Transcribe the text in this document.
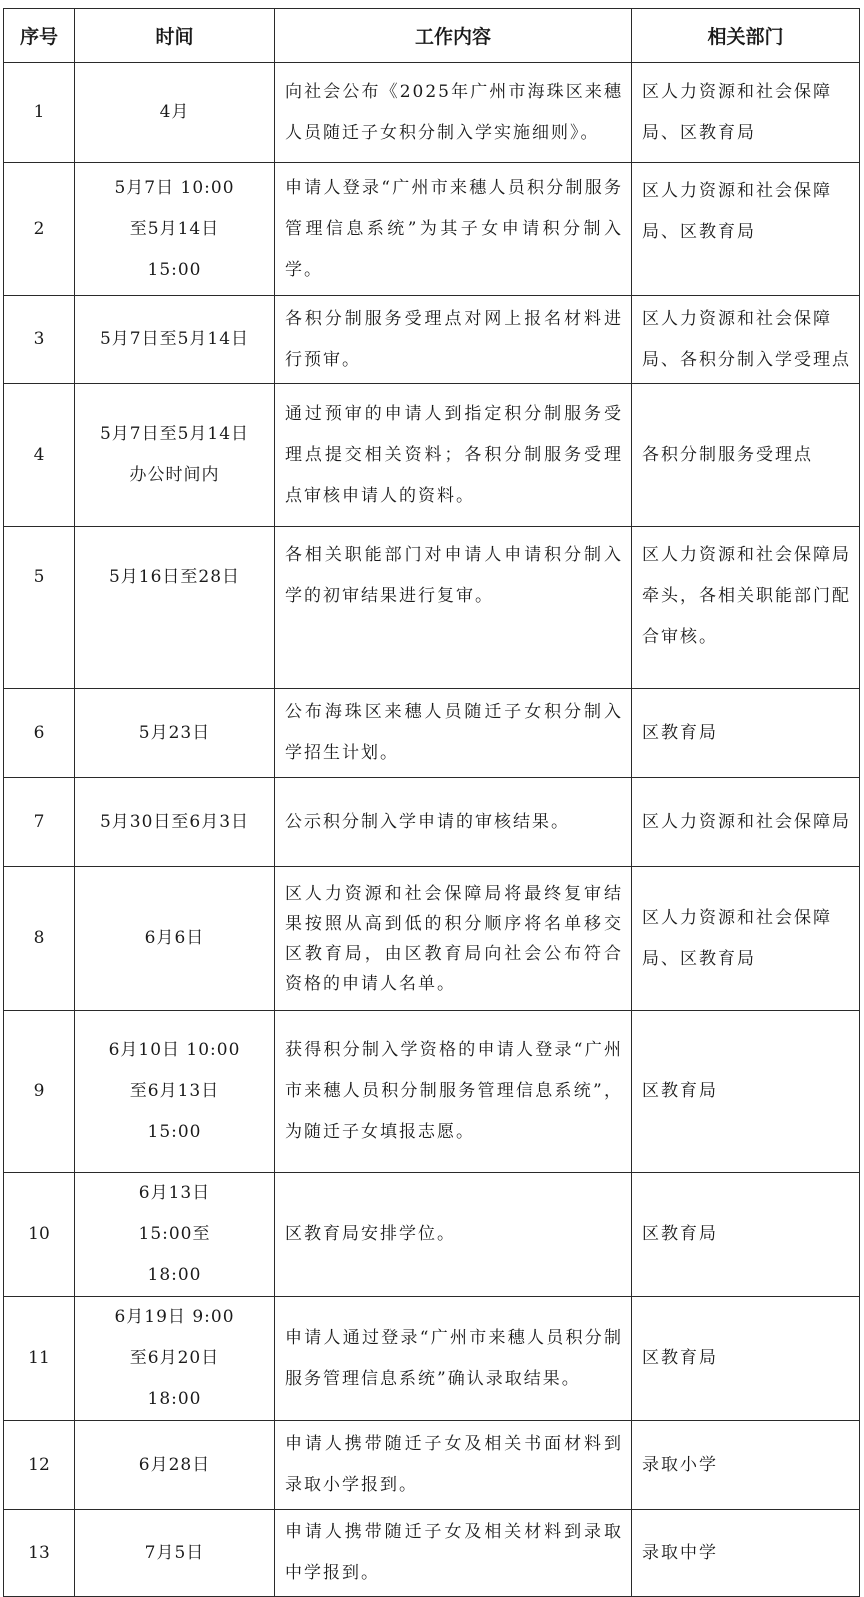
序号	时间	工作内容	相关部门
1	4月	向社会公布《2025年广州市海珠区来穗人员随迁子女积分制入学实施细则》。	区人力资源和社会保障局、区教育局
2	5月7日 10:00 至5月14日 15:00	申请人登录“广州市来穗人员积分制服务管理信息系统”为其子女申请积分制入学。	区人力资源和社会保障局、区教育局
3	5月7日至5月14日	各积分制服务受理点对网上报名材料进行预审。	区人力资源和社会保障局、各积分制入学受理点
4	5月7日至5月14日 办公时间内	通过预审的申请人到指定积分制服务受理点提交相关资料；各积分制服务受理点审核申请人的资料。	各积分制服务受理点
5	5月16日至28日	各相关职能部门对申请人申请积分制入学的初审结果进行复审。	区人力资源和社会保障局牵头，各相关职能部门配合审核。
6	5月23日	公布海珠区来穗人员随迁子女积分制入学招生计划。	区教育局
7	5月30日至6月3日	公示积分制入学申请的审核结果。	区人力资源和社会保障局
8	6月6日	区人力资源和社会保障局将最终复审结果按照从高到低的积分顺序将名单移交区教育局，由区教育局向社会公布符合资格的申请人名单。	区人力资源和社会保障局、区教育局
9	6月10日 10:00 至6月13日 15:00	获得积分制入学资格的申请人登录“广州市来穗人员积分制服务管理信息系统”，为随迁子女填报志愿。	区教育局
10	6月13日 15:00至18:00	区教育局安排学位。	区教育局
11	6月19日 9:00 至6月20日 18:00	申请人通过登录“广州市来穗人员积分制服务管理信息系统”确认录取结果。	区教育局
12	6月28日	申请人携带随迁子女及相关书面材料到录取小学报到。	录取小学
13	7月5日	申请人携带随迁子女及相关材料到录取中学报到。	录取中学
